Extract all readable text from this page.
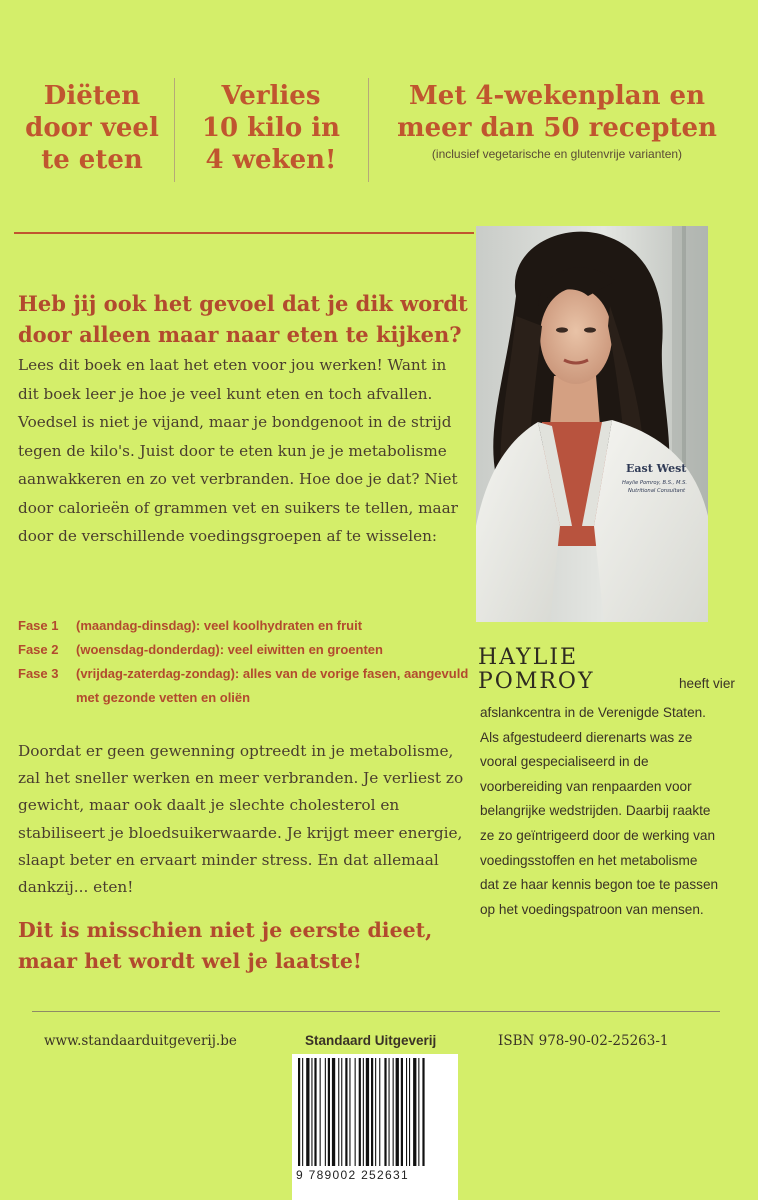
Diëten
door veel
te eten
Verlies
10 kilo in
4 weken!
Met 4-wekenplan en
meer dan 50 recepten
(inclusief vegetarische en glutenvrije varianten)
Heb jij ook het gevoel dat je dik wordt door alleen maar naar eten te kijken? Lees dit boek en laat het eten voor jou werken! Want in dit boek leer je hoe je veel kunt eten en toch afvallen. Voedsel is niet je vijand, maar je bondgenoot in de strijd tegen de kilo's. Juist door te eten kun je je metabolisme aanwakkeren en zo vet verbranden. Hoe doe je dat? Niet door calorieën of grammen vet en suikers te tellen, maar door de verschillende voedingsgroepen af te wisselen:
Fase 1	(maandag-dinsdag): veel koolhydraten en fruit
Fase 2	(woensdag-donderdag): veel eiwitten en groenten
Fase 3	(vrijdag-zaterdag-zondag): alles van de vorige fasen, aangevuld met gezonde vetten en oliën
Doordat er geen gewenning optreedt in je metabolisme, zal het sneller werken en meer verbranden. Je verliest zo gewicht, maar ook daalt je slechte cholesterol en stabiliseert je bloedsuikerwaarde. Je krijgt meer energie, slaapt beter en ervaart minder stress. En dat allemaal dankzij... eten!
Dit is misschien niet je eerste dieet, maar het wordt wel je laatste!
East West
Haylie Pomroy, B.S., M.S.
Nutritional Consultant
HAYLIE
POMROY	heeft vier
afslankcentra in de Verenigde Staten. Als afgestudeerd dierenarts was ze vooral gespecialiseerd in de voorbereiding van renpaarden voor belangrijke wedstrijden. Daarbij raakte ze zo geïntrigeerd door de werking van voedingsstoffen en het metabolisme dat ze haar kennis begon toe te passen op het voedingspatroon van mensen.
www.standaarduitgeverij.be	Standaard Uitgeverij	ISBN 978-90-02-25263-1
9 789002 252631
